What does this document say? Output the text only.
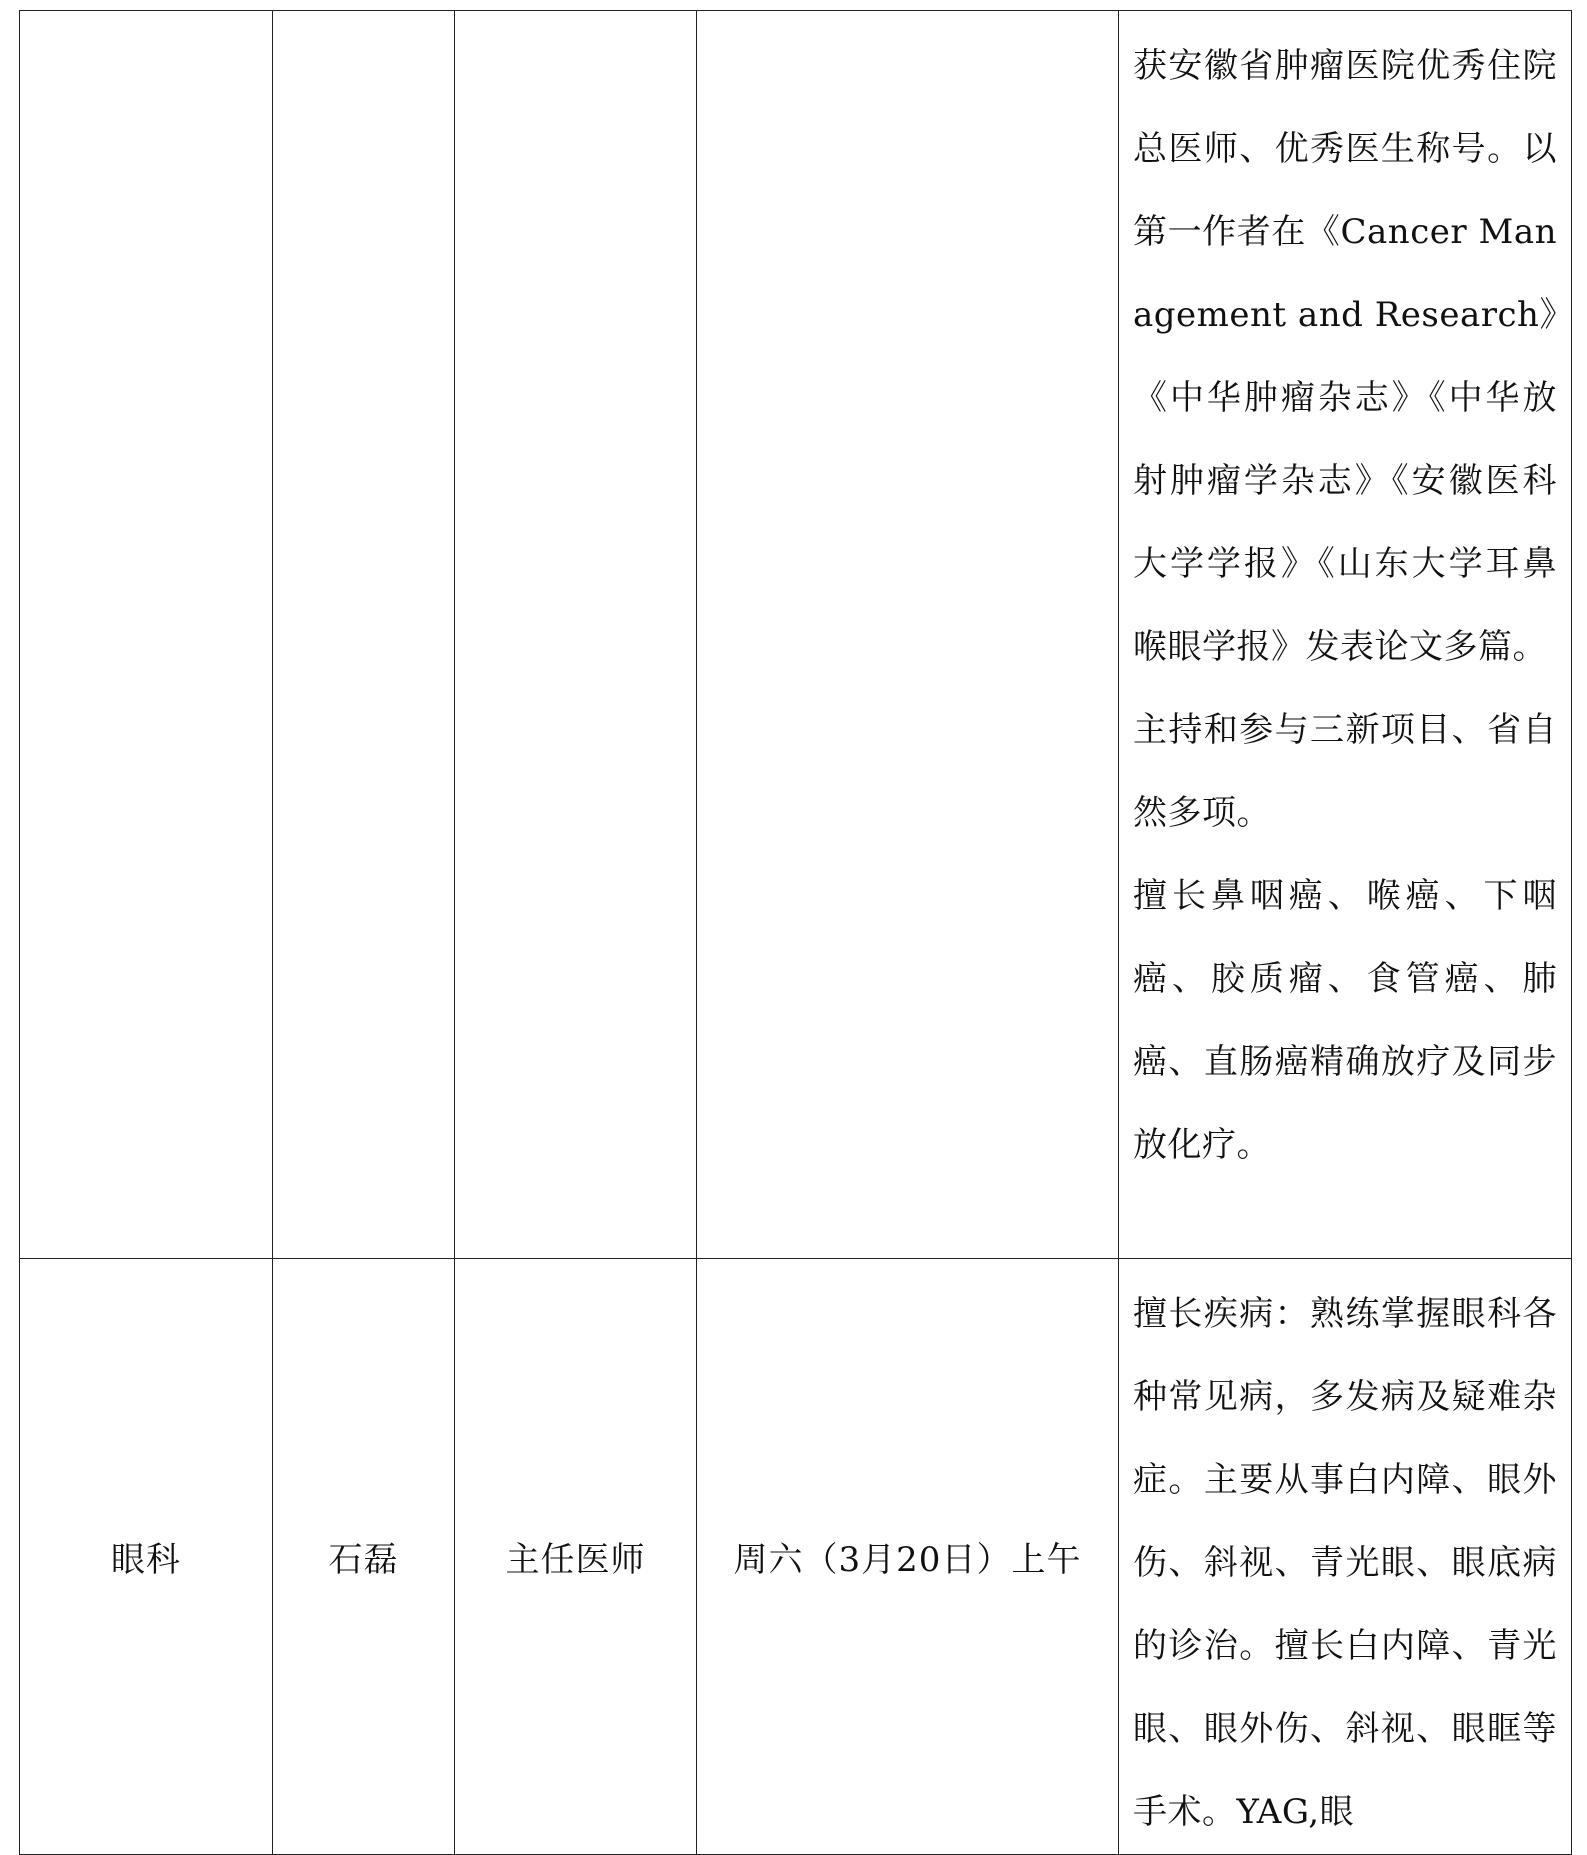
				获安徽省肿瘤医院优秀住院总医师、优秀医生称号。以第一作者在《Cancer Management and Research》《中华肿瘤杂志》《中华放射肿瘤学杂志》《安徽医科大学学报》《山东大学耳鼻喉眼学报》发表论文多篇。

主持和参与三新项目、省自然多项。

擅长鼻咽癌、喉癌、下咽癌、胶质瘤、食管癌、肺癌、直肠癌精确放疗及同步放化疗。

眼科	石磊	主任医师	周六（3月20日）上午	擅长疾病：熟练掌握眼科各种常见病，多发病及疑难杂症。主要从事白内障、眼外伤、斜视、青光眼、眼底病的诊治。擅长白内障、青光眼、眼外伤、斜视、眼眶等手术。YAG,眼
